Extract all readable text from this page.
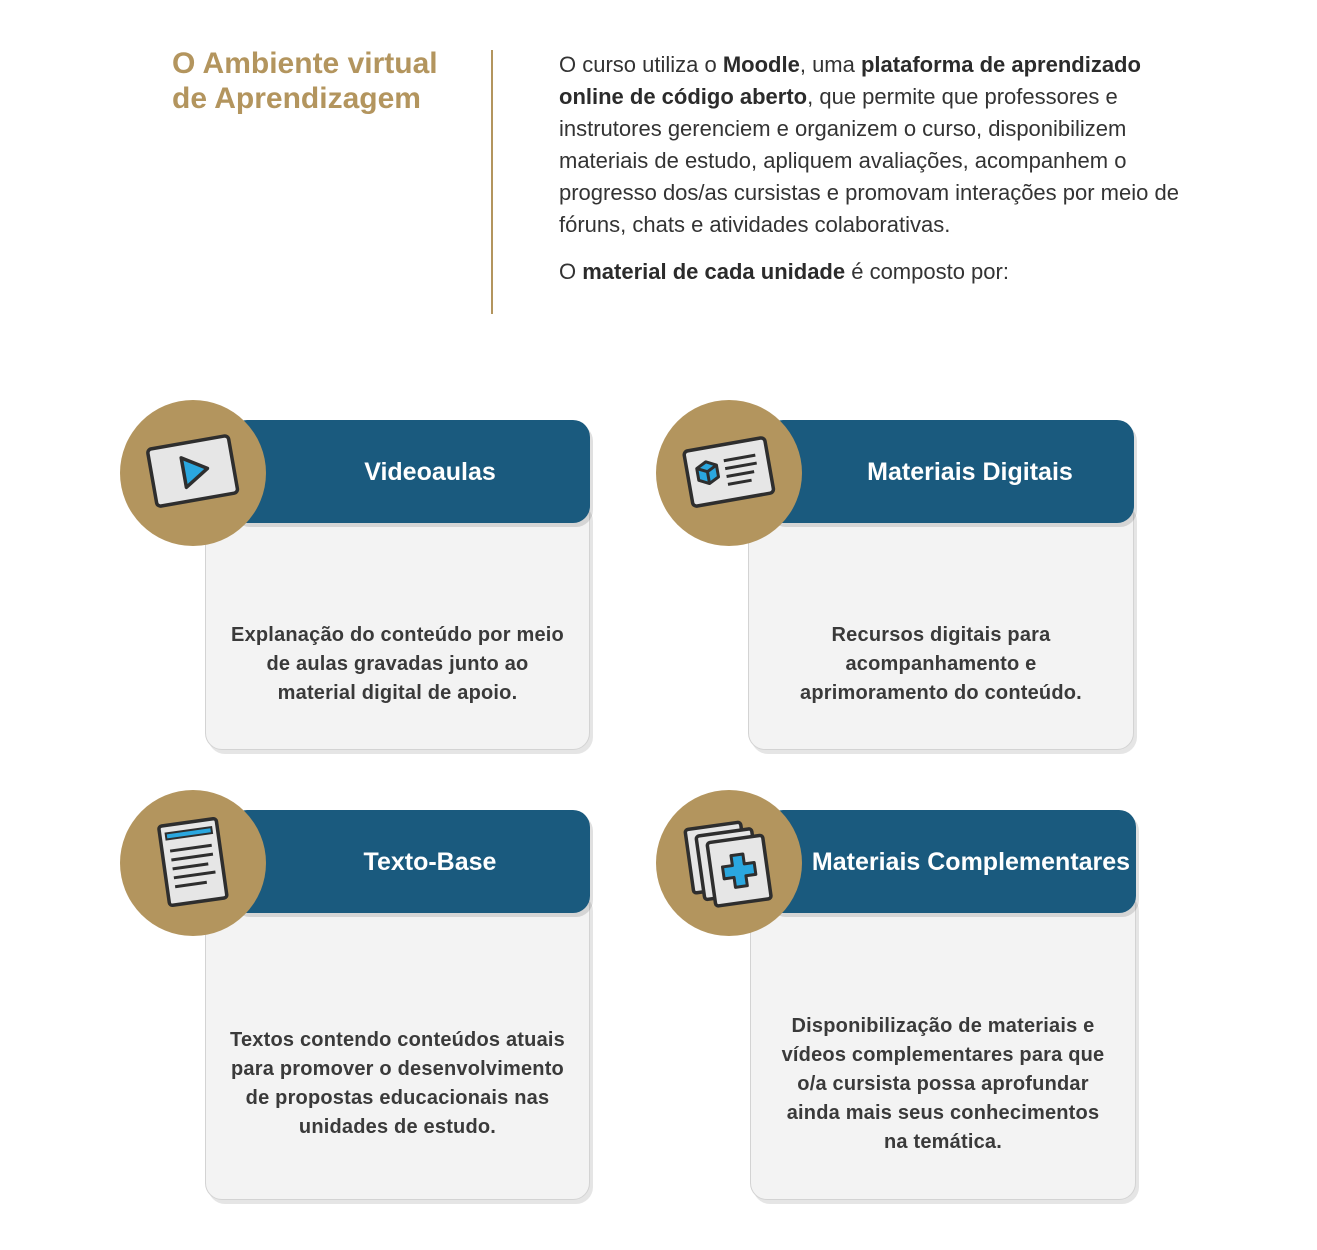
O Ambiente virtual de Aprendizagem

O curso utiliza o Moodle, uma plataforma de aprendizado online de código aberto, que permite que professores e instrutores gerenciem e organizem o curso, disponibilizem materiais de estudo, apliquem avaliações, acompanhem o progresso dos/as cursistas e promovam interações por meio de fóruns, chats e atividades colaborativas.

O material de cada unidade é composto por:

Explanação do conteúdo por meio de aulas gravadas junto ao material digital de apoio.
Videoaulas
Recursos digitais para acompanhamento e aprimoramento do conteúdo.
Materiais Digitais
Textos contendo conteúdos atuais para promover o desenvolvimento de propostas educacionais nas unidades de estudo.
Texto-Base
Disponibilização de materiais e vídeos complementares para que o/a cursista possa aprofundar ainda mais seus conhecimentos na temática.
Materiais Complementares
